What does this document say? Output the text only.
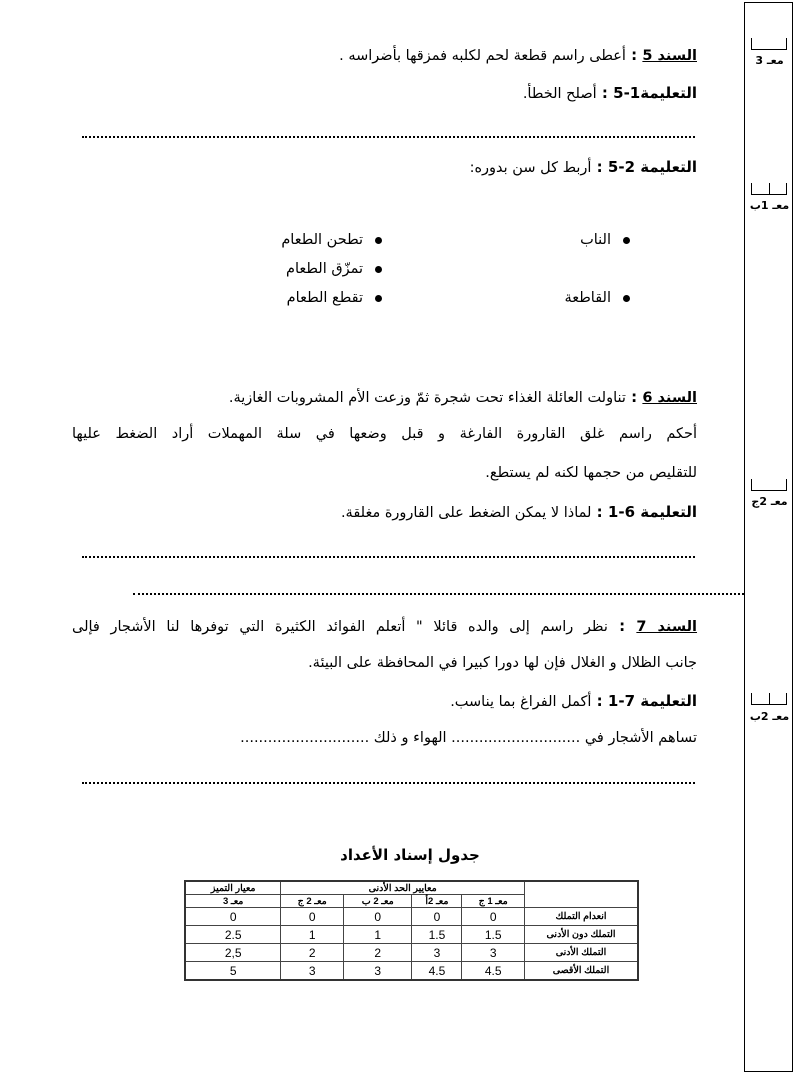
معـ 3
معـ 1ب
معـ 2ج
معـ 2ب
السند 5 : أعطى راسم قطعة لحم لكلبه فمزقها بأضراسه .
التعليمة1-5 : أصلح الخطأ.
التعليمة 2-5 : أربط كل سن بدوره:
الناب
القاطعة
تطحن الطعام
تمزّق الطعام
تقطع الطعام
السند 6 : تناولت العائلة الغذاء تحت شجرة ثمّ وزعت الأم المشروبات الغازية.
أحكم راسم غلق القارورة الفارغة و قبل وضعها في سلة المهملات أراد الضغط عليها
للتقليص من حجمها لكنه لم يستطع.
التعليمة 6-1 : لماذا لا يمكن الضغط على القارورة مغلقة.
السند 7 : نظر راسم إلى والده قائلا " أتعلم الفوائد الكثيرة التي توفرها لنا الأشجار فإلى
جانب الظلال و الغلال فإن لها دورا كبيرا في المحافظة على البيئة.
التعليمة 7-1 : أكمل الفراغ بما يناسب.
تساهم الأشجار في ............................ الهواء و ذلك ............................
جدول إسناد الأعداد
	معايير الحد الأدنى				معيار التميز
	معـ 1 ج	معـ 2أ	معـ 2 ب	معـ 2 ج	معـ 3
انعدام التملك	0	0	0	0	0
التملك دون الأدنى	1.5	1.5	1	1	2.5
التملك الأدنى	3	3	2	2	2,5
التملك الأقصى	4.5	4.5	3	3	5
